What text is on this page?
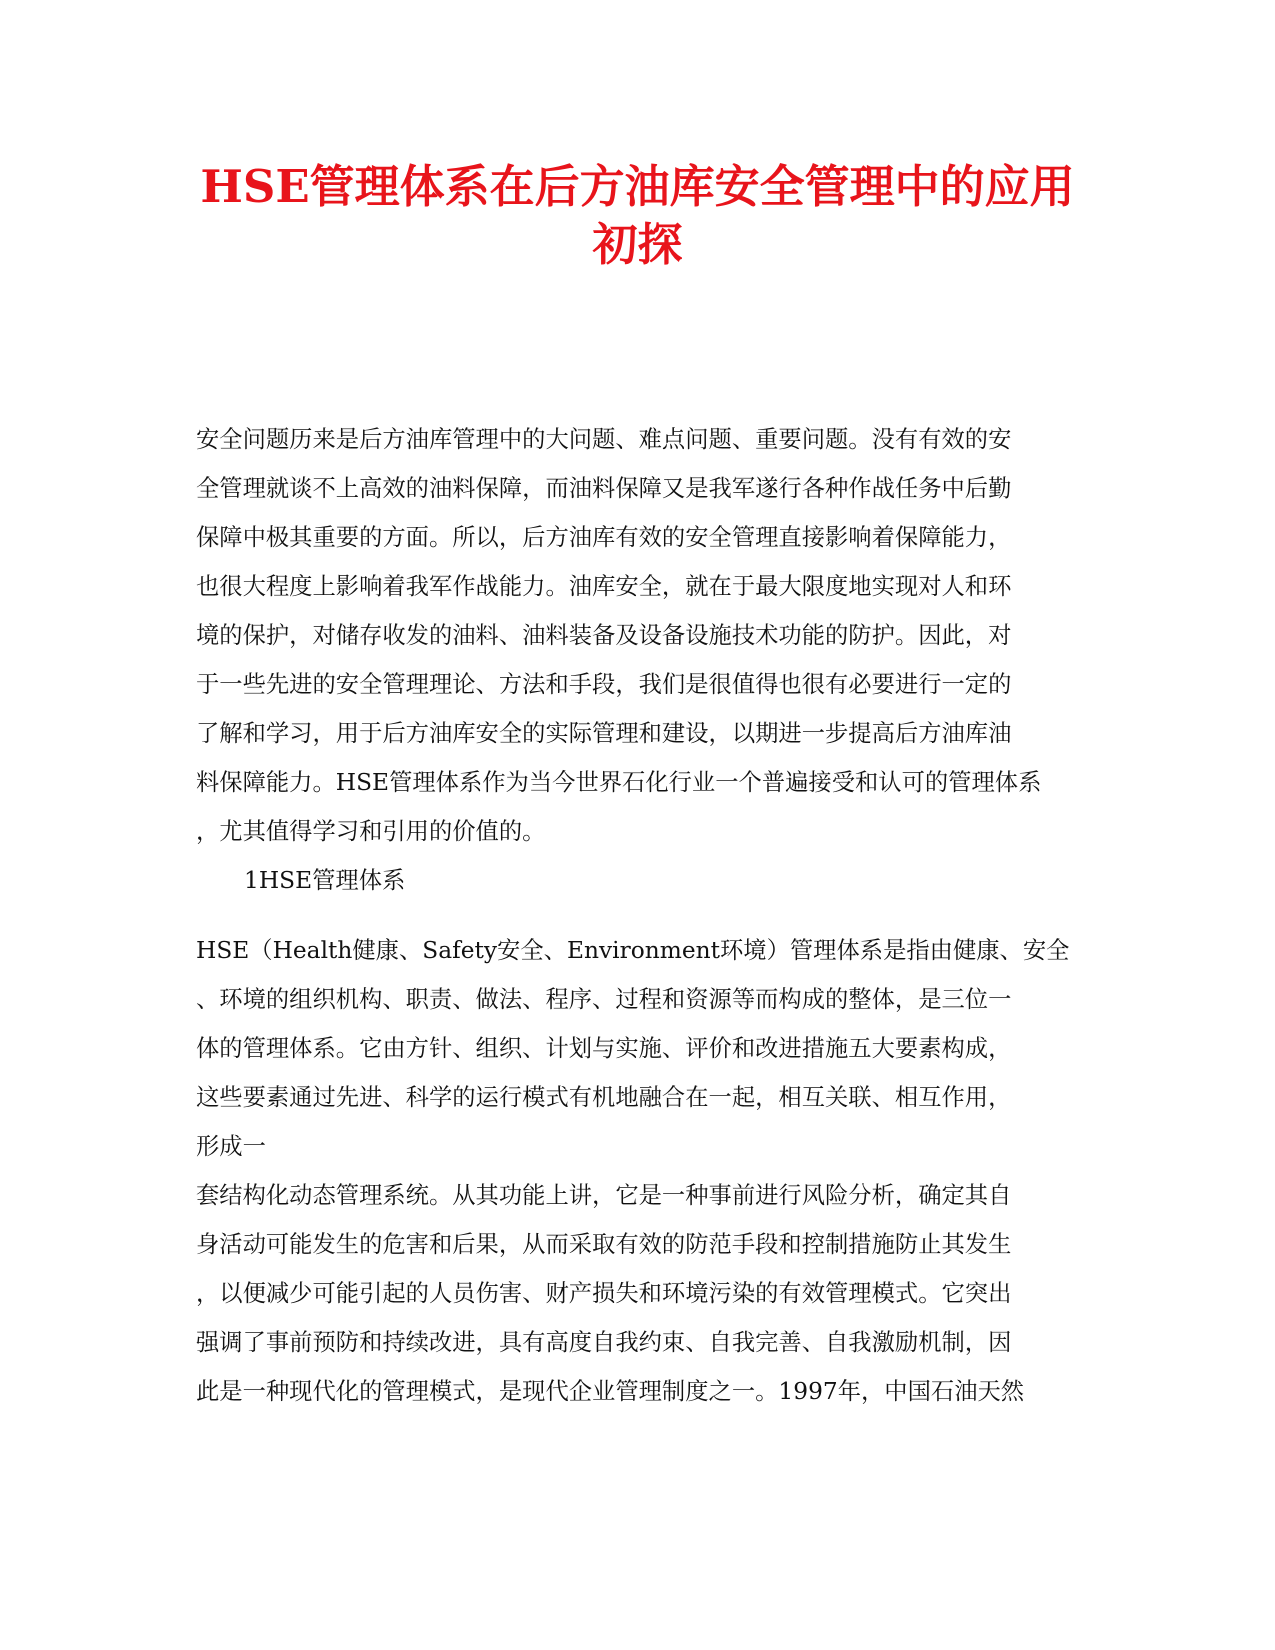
HSE管理体系在后方油库安全管理中的应用
初探
安全问题历来是后方油库管理中的大问题、难点问题、重要问题。没有有效的安
全管理就谈不上高效的油料保障，而油料保障又是我军遂行各种作战任务中后勤
保障中极其重要的方面。所以，后方油库有效的安全管理直接影响着保障能力，
也很大程度上影响着我军作战能力。油库安全，就在于最大限度地实现对人和环
境的保护，对储存收发的油料、油料装备及设备设施技术功能的防护。因此，对
于一些先进的安全管理理论、方法和手段，我们是很值得也很有必要进行一定的
了解和学习，用于后方油库安全的实际管理和建设，以期进一步提高后方油库油
料保障能力。HSE管理体系作为当今世界石化行业一个普遍接受和认可的管理体系
，尤其值得学习和引用的价值的。
1HSE管理体系
HSE（Health健康、Safety安全、Environment环境）管理体系是指由健康、安全
、环境的组织机构、职责、做法、程序、过程和资源等而构成的整体，是三位一
体的管理体系。它由方针、组织、计划与实施、评价和改进措施五大要素构成，
这些要素通过先进、科学的运行模式有机地融合在一起，相互关联、相互作用，
形成一
套结构化动态管理系统。从其功能上讲，它是一种事前进行风险分析，确定其自
身活动可能发生的危害和后果，从而采取有效的防范手段和控制措施防止其发生
，以便减少可能引起的人员伤害、财产损失和环境污染的有效管理模式。它突出
强调了事前预防和持续改进，具有高度自我约束、自我完善、自我激励机制，因
此是一种现代化的管理模式，是现代企业管理制度之一。1997年，中国石油天然
